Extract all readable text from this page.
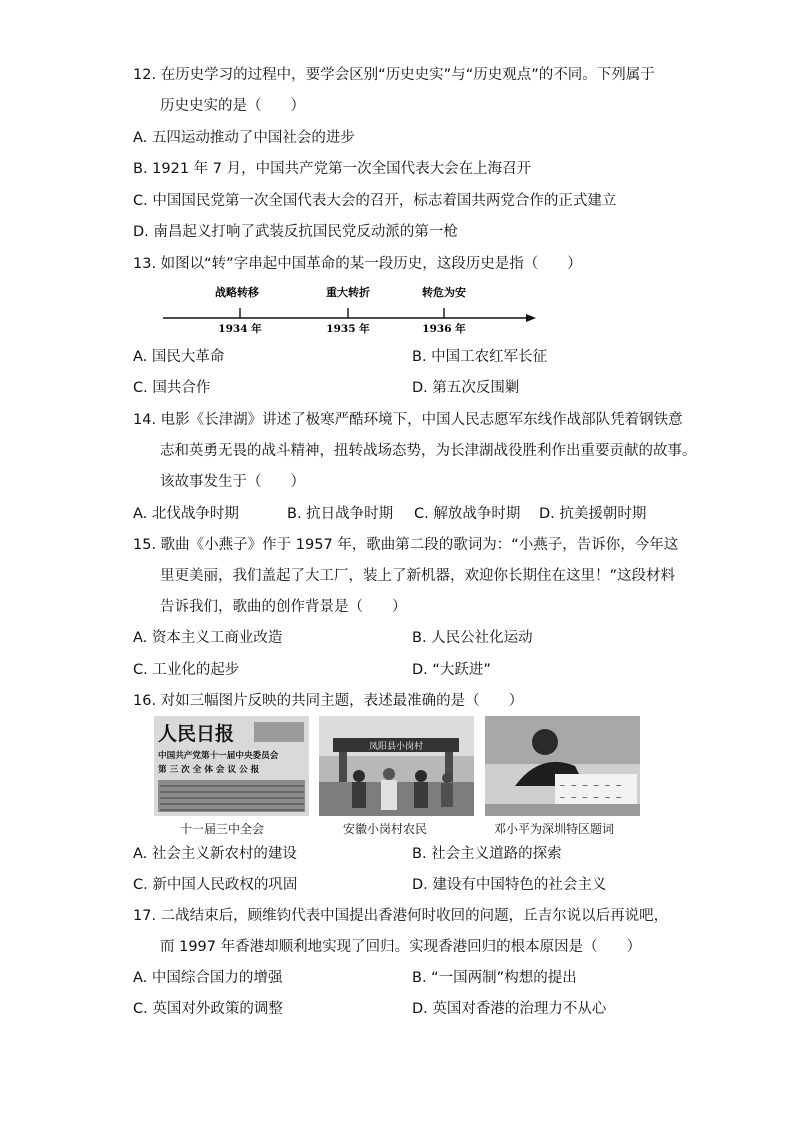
12. 在历史学习的过程中，要学会区别“历史史实”与“历史观点”的不同。下列属于
历史史实的是（　　）
A. 五四运动推动了中国社会的进步
B. 1921 年 7 月，中国共产党第一次全国代表大会在上海召开
C. 中国国民党第一次全国代表大会的召开，标志着国共两党合作的正式建立
D. 南昌起义打响了武装反抗国民党反动派的第一枪
13. 如图以“转”字串起中国革命的某一段历史，这段历史是指（　　）
战略转移	重大转折	转危为安
1934 年	1935 年	1936 年
A. 国民大革命	B. 中国工农红军长征
C. 国共合作	D. 第五次反围剿
14. 电影《长津湖》讲述了极寒严酷环境下，中国人民志愿军东线作战部队凭着钢铁意
志和英勇无畏的战斗精神，扭转战场态势，为长津湖战役胜利作出重要贡献的故事。
该故事发生于（　　）
A. 北伐战争时期	B. 抗日战争时期 C. 解放战争时期 D. 抗美援朝时期
15. 歌曲《小燕子》作于 1957 年，歌曲第二段的歌词为：“小燕子，告诉你，今年这
里更美丽，我们盖起了大工厂，装上了新机器，欢迎你长期住在这里！”这段材料
告诉我们，歌曲的创作背景是（　　）
A. 资本主义工商业改造	B. 人民公社化运动
C. 工业化的起步	D. “大跃进”
16. 对如三幅图片反映的共同主题，表述最准确的是（　　）
人民日报
中国共产党第十一届中央委员会
第 三 次 全 体 会 议 公 报
十一届三中全会
凤阳县小岗村
安徽小岗村农民
~ ~ ~ ~ ~ ~
~ ~ ~ ~ ~ ~
邓小平为深圳特区题词
A. 社会主义新农村的建设	B. 社会主义道路的探索
C. 新中国人民政权的巩固	D. 建设有中国特色的社会主义
17. 二战结束后，顾维钧代表中国提出香港何时收回的问题，丘吉尔说以后再说吧，
而 1997 年香港却顺利地实现了回归。实现香港回归的根本原因是（　　）
A. 中国综合国力的增强	B. “一国两制”构想的提出
C. 英国对外政策的调整	D. 英国对香港的治理力不从心
